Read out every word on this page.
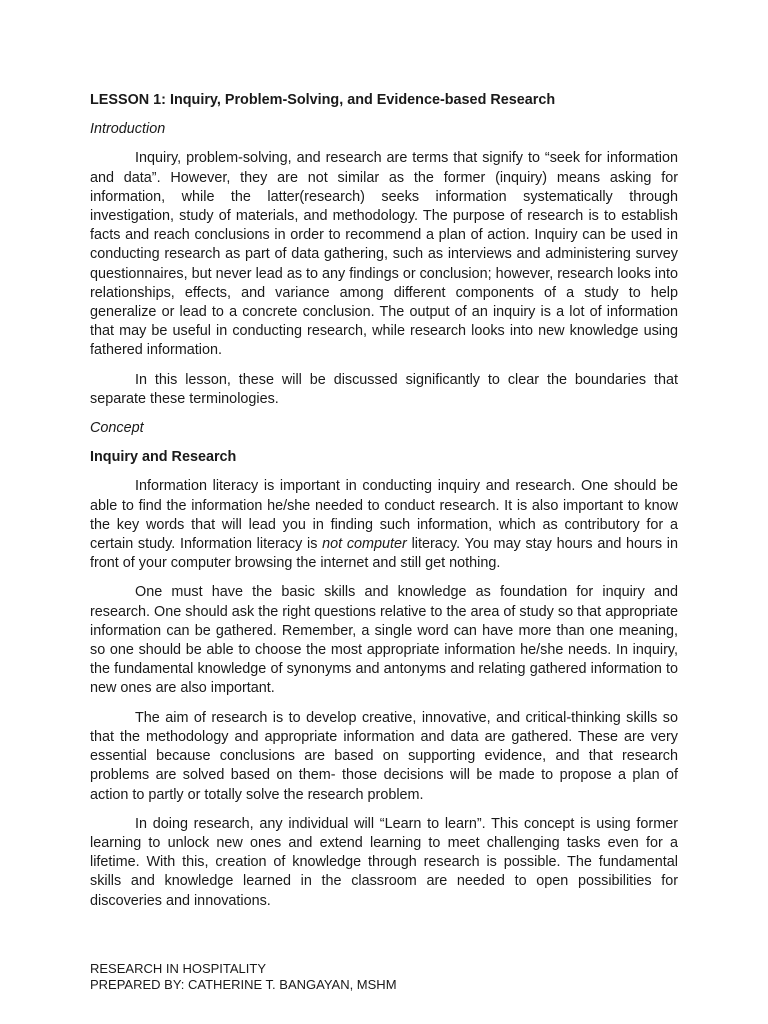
LESSON 1: Inquiry, Problem-Solving, and Evidence-based Research
Introduction

Inquiry, problem-solving, and research are terms that signify to “seek for information and data”. However, they are not similar as the former (inquiry) means asking for information, while the latter(research) seeks information systematically through investigation, study of materials, and methodology. The purpose of research is to establish facts and reach conclusions in order to recommend a plan of action. Inquiry can be used in conducting research as part of data gathering, such as interviews and administering survey questionnaires, but never lead as to any findings or conclusion; however, research looks into relationships, effects, and variance among different components of a study to help generalize or lead to a concrete conclusion. The output of an inquiry is a lot of information that may be useful in conducting research, while research looks into new knowledge using fathered information.

In this lesson, these will be discussed significantly to clear the boundaries that separate these terminologies.

Concept
Inquiry and Research

Information literacy is important in conducting inquiry and research. One should be able to find the information he/she needed to conduct research. It is also important to know the key words that will lead you in finding such information, which as contributory for a certain study. Information literacy is not computer literacy. You may stay hours and hours in front of your computer browsing the internet and still get nothing.

One must have the basic skills and knowledge as foundation for inquiry and research. One should ask the right questions relative to the area of study so that appropriate information can be gathered. Remember, a single word can have more than one meaning, so one should be able to choose the most appropriate information he/she needs. In inquiry, the fundamental knowledge of synonyms and antonyms and relating gathered information to new ones are also important.

The aim of research is to develop creative, innovative, and critical-thinking skills so that the methodology and appropriate information and data are gathered. These are very essential because conclusions are based on supporting evidence, and that research problems are solved based on them- those decisions will be made to propose a plan of action to partly or totally solve the research problem.

In doing research, any individual will “Learn to learn”. This concept is using former learning to unlock new ones and extend learning to meet challenging tasks even for a lifetime. With this, creation of knowledge through research is possible. The fundamental skills and knowledge learned in the classroom are needed to open possibilities for discoveries and innovations.

RESEARCH IN HOSPITALITY
PREPARED BY: CATHERINE T. BANGAYAN, MSHM
